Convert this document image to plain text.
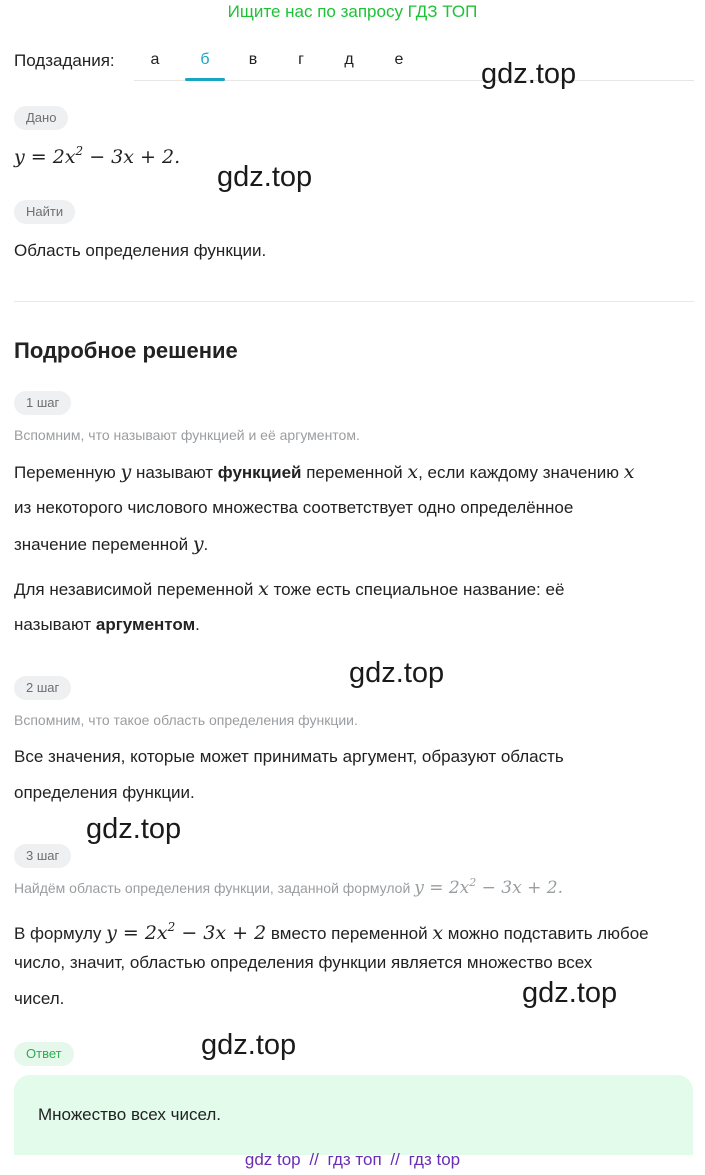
Ищите нас по запросу ГДЗ ТОП
Подзадания:	а	б	в	г	д	е
Дано
$y = 2x^2 - 3x + 2$.
Найти
Область определения функции.
Подробное решение
1 шаг
Вспомним, что называют функцией и её аргументом.
Переменную y называют функцией переменной x, если каждому значению x
из некоторого числового множества соответствует одно определённое
значение переменной y.
Для независимой переменной x тоже есть специальное название: её
называют аргументом.
2 шаг
Вспомним, что такое область определения функции.
Все значения, которые может принимать аргумент, образуют область
определения функции.
3 шаг
Найдём область определения функции, заданной формулой $y = 2x^2 - 3x + 2$.
В формулу $y = 2x^2 - 3x + 2$ вместо переменной x можно подставить любое
число, значит, областью определения функции является множество всех
чисел.
Ответ
Множество всех чисел.
gdz.top
gdz.top
gdz.top
gdz.top
gdz.top
gdz.top
gdz top // гдз топ // гдз top
